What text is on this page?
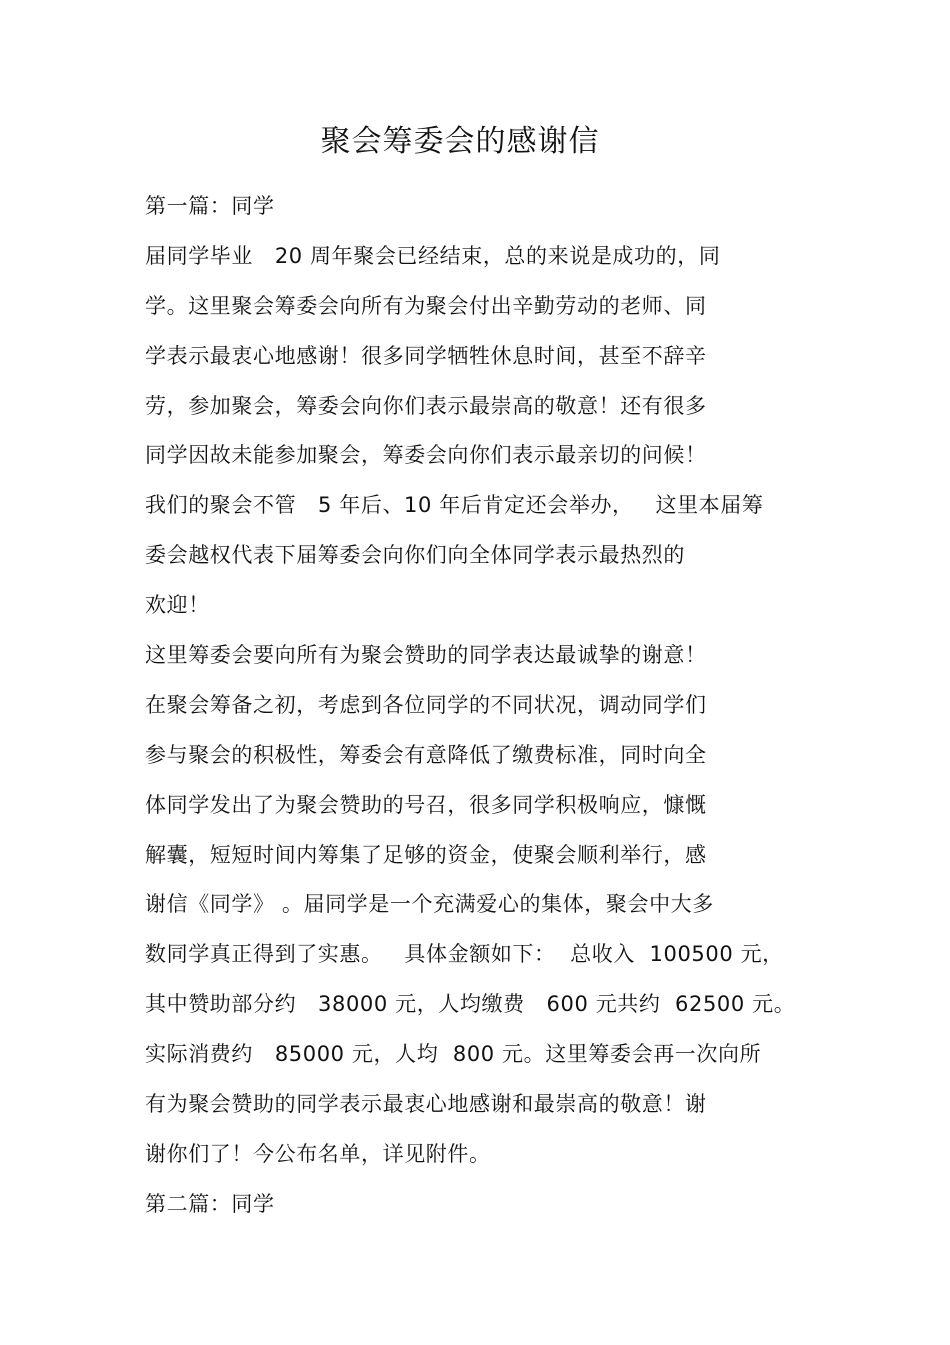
聚会筹委会的感谢信
第一篇：同学
届同学毕业   20 周年聚会已经结束，总的来说是成功的，同
学。这里聚会筹委会向所有为聚会付出辛勤劳动的老师、同
学表示最衷心地感谢！很多同学牺牲休息时间，甚至不辞辛
劳，参加聚会，筹委会向你们表示最崇高的敬意！还有很多
同学因故未能参加聚会，筹委会向你们表示最亲切的问候！
我们的聚会不管   5 年后、10 年后肯定还会举办，   这里本届筹
委会越权代表下届筹委会向你们向全体同学表示最热烈的
欢迎！
这里筹委会要向所有为聚会赞助的同学表达最诚挚的谢意！
在聚会筹备之初，考虑到各位同学的不同状况，调动同学们
参与聚会的积极性，筹委会有意降低了缴费标准，同时向全
体同学发出了为聚会赞助的号召，很多同学积极响应，慷慨
解囊，短短时间内筹集了足够的资金，使聚会顺利举行，感
谢信《同学》 。届同学是一个充满爱心的集体，聚会中大多
数同学真正得到了实惠。   具体金额如下：  总收入  100500 元，
其中赞助部分约   38000 元，人均缴费   600 元共约  62500 元。
实际消费约   85000 元，人均  800 元。这里筹委会再一次向所
有为聚会赞助的同学表示最衷心地感谢和最崇高的敬意！谢
谢你们了！今公布名单，详见附件。
第二篇：同学
